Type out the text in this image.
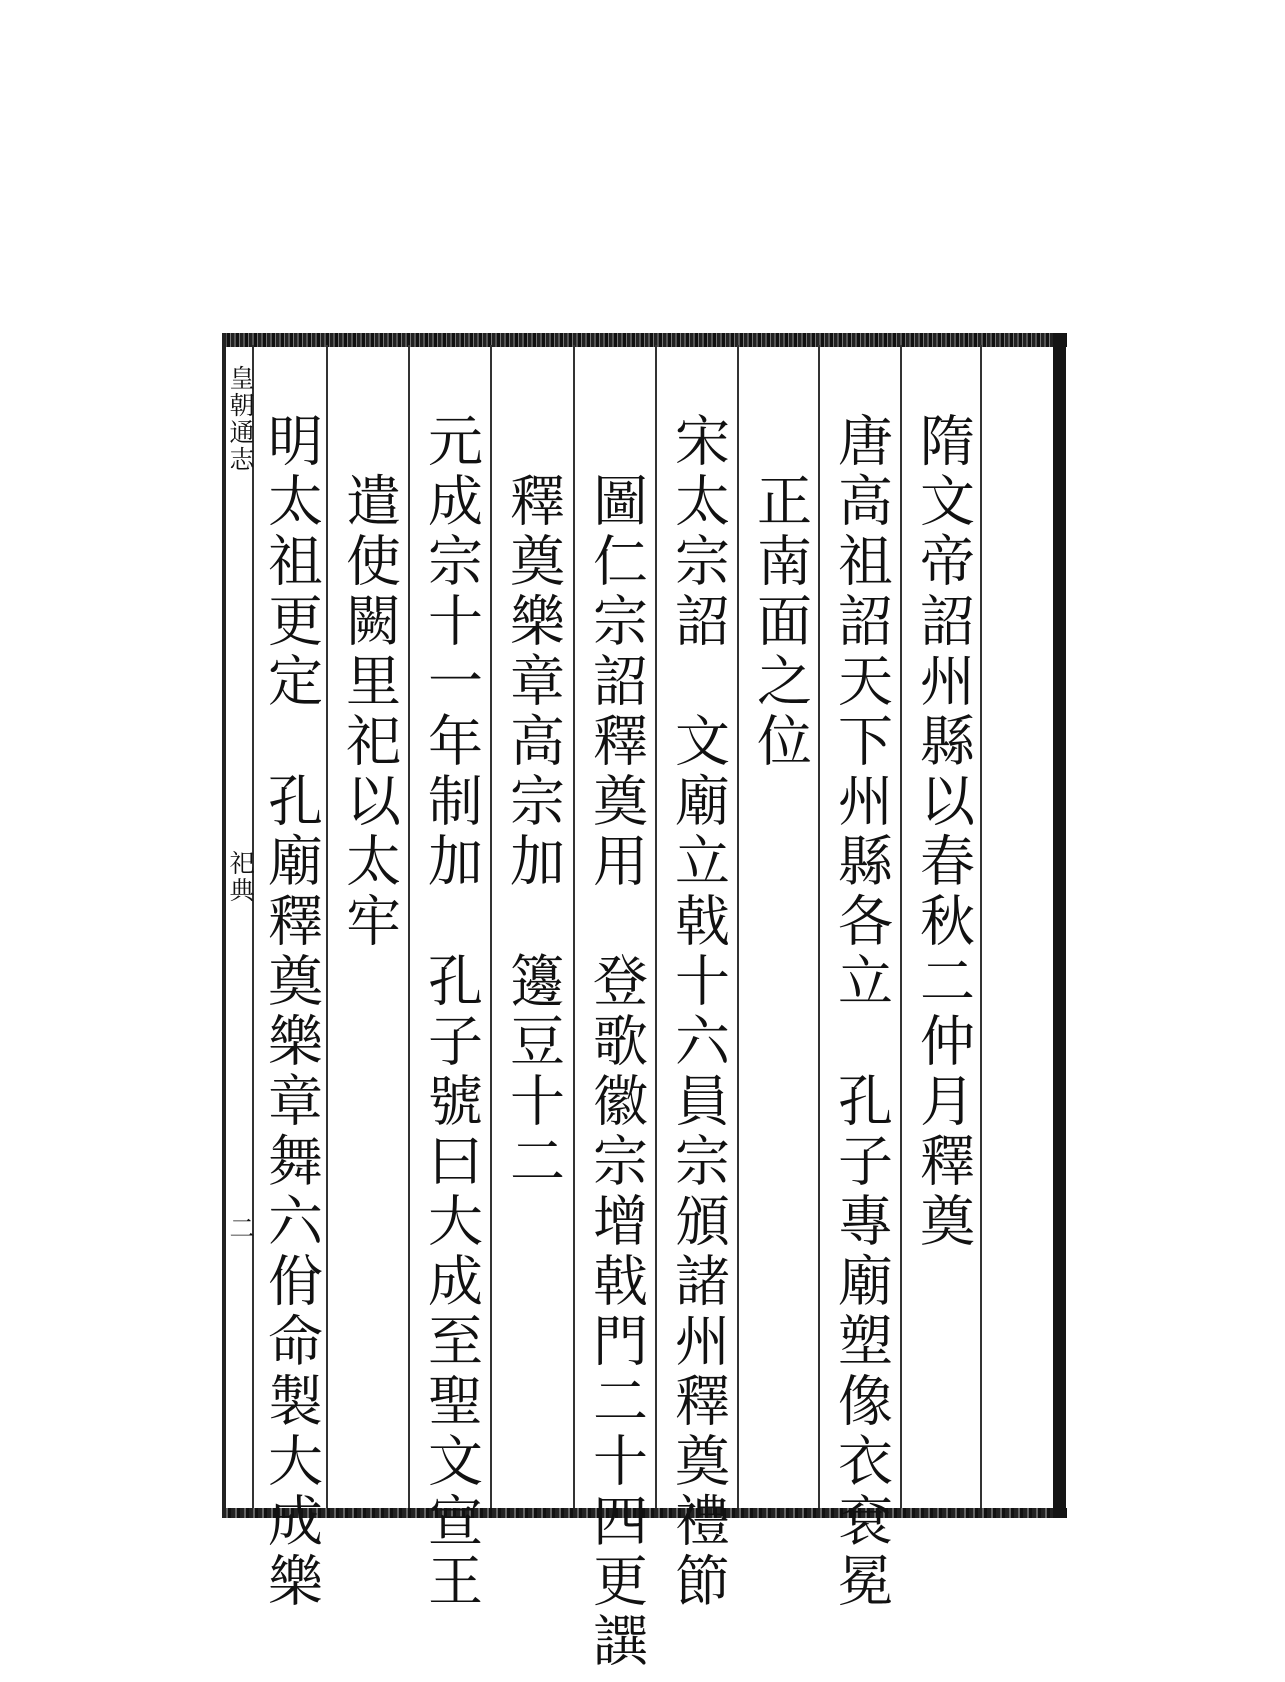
皇朝通志
祀典
二	隋文帝詔州縣以春秋二仲月釋奠
唐高祖詔天下州縣各立　孔子專廟塑像衣袞冕
　正南面之位
宋太宗詔　文廟立戟十六員宗頒諸州釋奠禮節
　圖仁宗詔釋奠用　登歌徽宗增戟門二十四更譔
　釋奠樂章高宗加　籩豆十二
元成宗十一年制加　孔子號曰大成至聖文宣王
　遣使闕里祀以太牢
明太祖更定　孔廟釋奠樂章舞六佾命製大成樂
